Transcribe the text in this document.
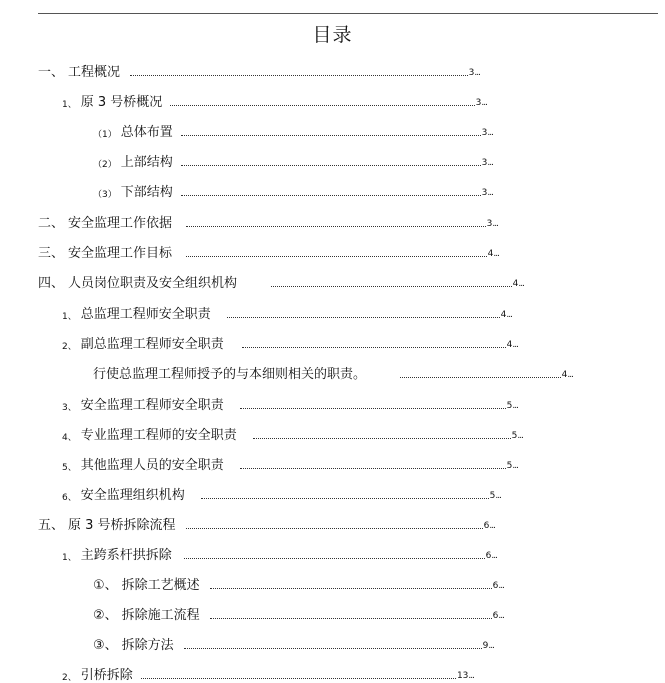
目录
一、 工程概况	3 ...
1、 原 3 号桥概况	3 ...
（1） 总体布置	3 ...
（2） 上部结构	3 ...
（3） 下部结构	3 ...
二、 安全监理工作依据	3 ...
三、 安全监理工作目标	4 ...
四、 人员岗位职责及安全组织机构	4 ...
1、 总监理工程师安全职责	4 ...
2、 副总监理工程师安全职责	4 ...
行使总监理工程师授予的与本细则相关的职责。	4 ...
3、 安全监理工程师安全职责	5 ...
4、 专业监理工程师的安全职责	5 ...
5、 其他监理人员的安全职责	5 ...
6、 安全监理组织机构	5 ...
五、 原 3 号桥拆除流程	6 ...
1、 主跨系杆拱拆除	6 ...
①、 拆除工艺概述	6 ...
②、 拆除施工流程	6 ...
③、 拆除方法	9 ...
2、 引桥拆除	13 ...
